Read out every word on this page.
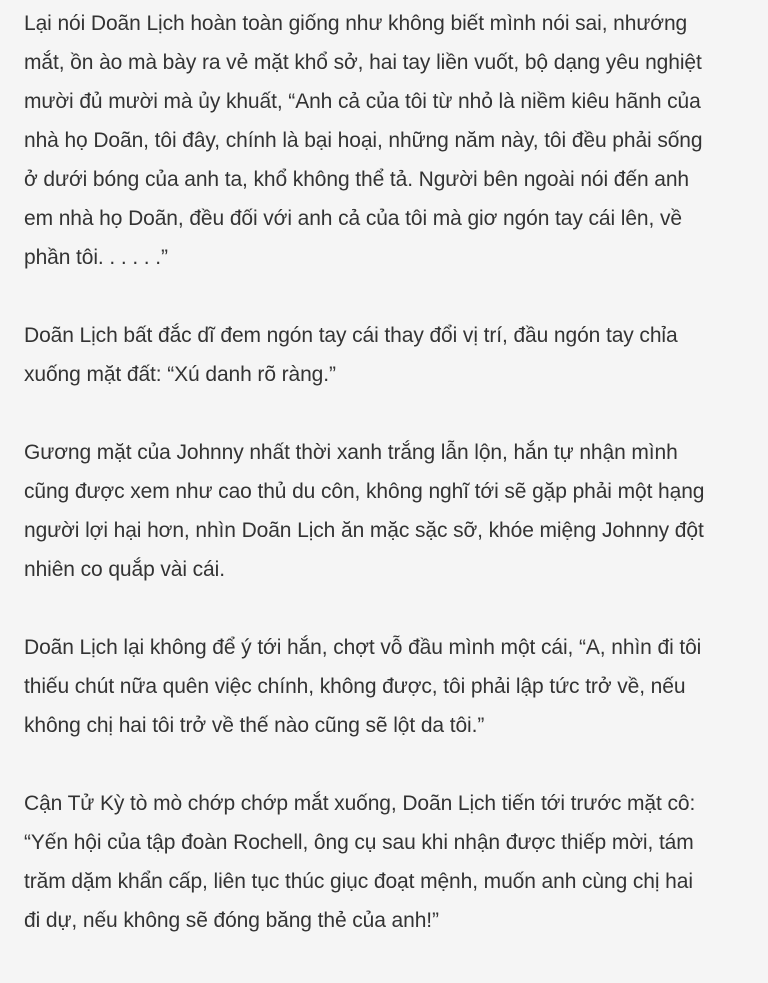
Lại nói Doãn Lịch hoàn toàn giống như không biết mình nói sai, nhướng
mắt, ồn ào mà bày ra vẻ mặt khổ sở, hai tay liền vuốt, bộ dạng yêu nghiệt
mười đủ mười mà ủy khuất, “Anh cả của tôi từ nhỏ là niềm kiêu hãnh của
nhà họ Doãn, tôi đây, chính là bại hoại, những năm này, tôi đều phải sống
ở dưới bóng của anh ta, khổ không thể tả. Người bên ngoài nói đến anh
em nhà họ Doãn, đều đối với anh cả của tôi mà giơ ngón tay cái lên, về
phần tôi. . . . . .”

Doãn Lịch bất đắc dĩ đem ngón tay cái thay đổi vị trí, đầu ngón tay chỉa
xuống mặt đất: “Xú danh rõ ràng.”

Gương mặt của Johnny nhất thời xanh trắng lẫn lộn, hắn tự nhận mình
cũng được xem như cao thủ du côn, không nghĩ tới sẽ gặp phải một hạng
người lợi hại hơn, nhìn Doãn Lịch ăn mặc sặc sỡ, khóe miệng Johnny đột
nhiên co quắp vài cái.

Doãn Lịch lại không để ý tới hắn, chợt vỗ đầu mình một cái, “A, nhìn đi tôi
thiếu chút nữa quên việc chính, không được, tôi phải lập tức trở về, nếu
không chị hai tôi trở về thế nào cũng sẽ lột da tôi.”

Cận Tử Kỳ tò mò chớp chớp mắt xuống, Doãn Lịch tiến tới trước mặt cô:
“Yến hội của tập đoàn Rochell, ông cụ sau khi nhận được thiếp mời, tám
trăm dặm khẩn cấp, liên tục thúc giục đoạt mệnh, muốn anh cùng chị hai
đi dự, nếu không sẽ đóng băng thẻ của anh!”
